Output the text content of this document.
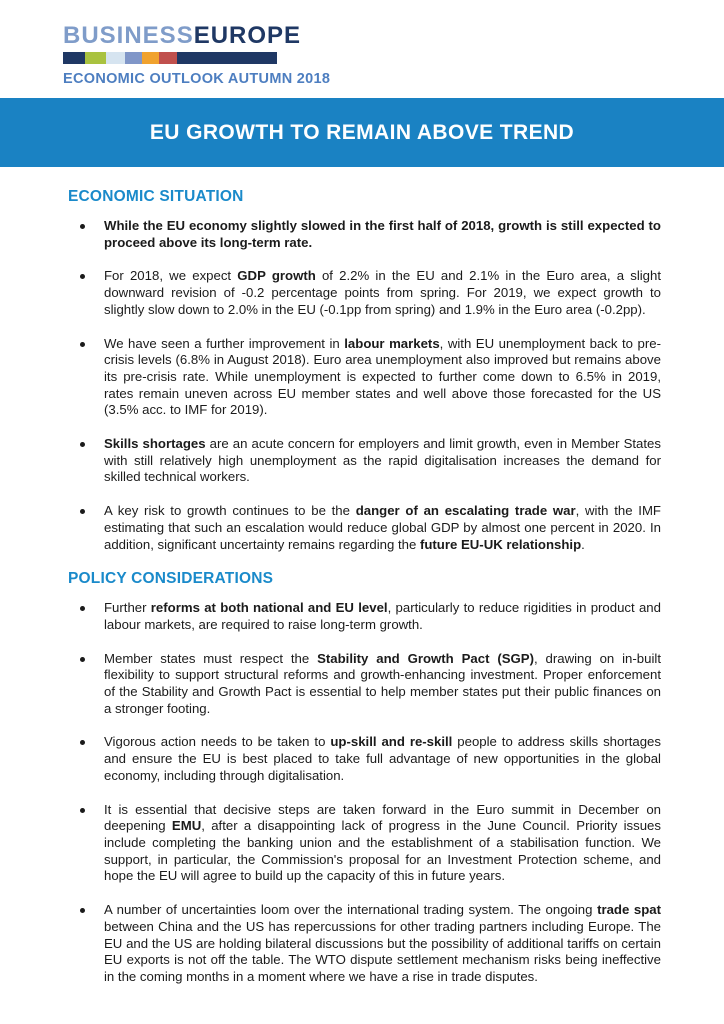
BUSINESSEUROPE
ECONOMIC OUTLOOK AUTUMN 2018
EU GROWTH TO REMAIN ABOVE TREND
ECONOMIC SITUATION
While the EU economy slightly slowed in the first half of 2018, growth is still expected to proceed above its long-term rate.
For 2018, we expect GDP growth of 2.2% in the EU and 2.1% in the Euro area, a slight downward revision of -0.2 percentage points from spring. For 2019, we expect growth to slightly slow down to 2.0% in the EU (-0.1pp from spring) and 1.9% in the Euro area (-0.2pp).
We have seen a further improvement in labour markets, with EU unemployment back to pre-crisis levels (6.8% in August 2018). Euro area unemployment also improved but remains above its pre-crisis rate. While unemployment is expected to further come down to 6.5% in 2019, rates remain uneven across EU member states and well above those forecasted for the US (3.5% acc. to IMF for 2019).
Skills shortages are an acute concern for employers and limit growth, even in Member States with still relatively high unemployment as the rapid digitalisation increases the demand for skilled technical workers.
A key risk to growth continues to be the danger of an escalating trade war, with the IMF estimating that such an escalation would reduce global GDP by almost one percent in 2020. In addition, significant uncertainty remains regarding the future EU-UK relationship.
POLICY CONSIDERATIONS
Further reforms at both national and EU level, particularly to reduce rigidities in product and labour markets, are required to raise long-term growth.
Member states must respect the Stability and Growth Pact (SGP), drawing on in-built flexibility to support structural reforms and growth-enhancing investment. Proper enforcement of the Stability and Growth Pact is essential to help member states put their public finances on a stronger footing.
Vigorous action needs to be taken to up-skill and re-skill people to address skills shortages and ensure the EU is best placed to take full advantage of new opportunities in the global economy, including through digitalisation.
It is essential that decisive steps are taken forward in the Euro summit in December on deepening EMU, after a disappointing lack of progress in the June Council. Priority issues include completing the banking union and the establishment of a stabilisation function. We support, in particular, the Commission's proposal for an Investment Protection scheme, and hope the EU will agree to build up the capacity of this in future years.
A number of uncertainties loom over the international trading system. The ongoing trade spat between China and the US has repercussions for other trading partners including Europe. The EU and the US are holding bilateral discussions but the possibility of additional tariffs on certain EU exports is not off the table. The WTO dispute settlement mechanism risks being ineffective in the coming months in a moment where we have a rise in trade disputes.
